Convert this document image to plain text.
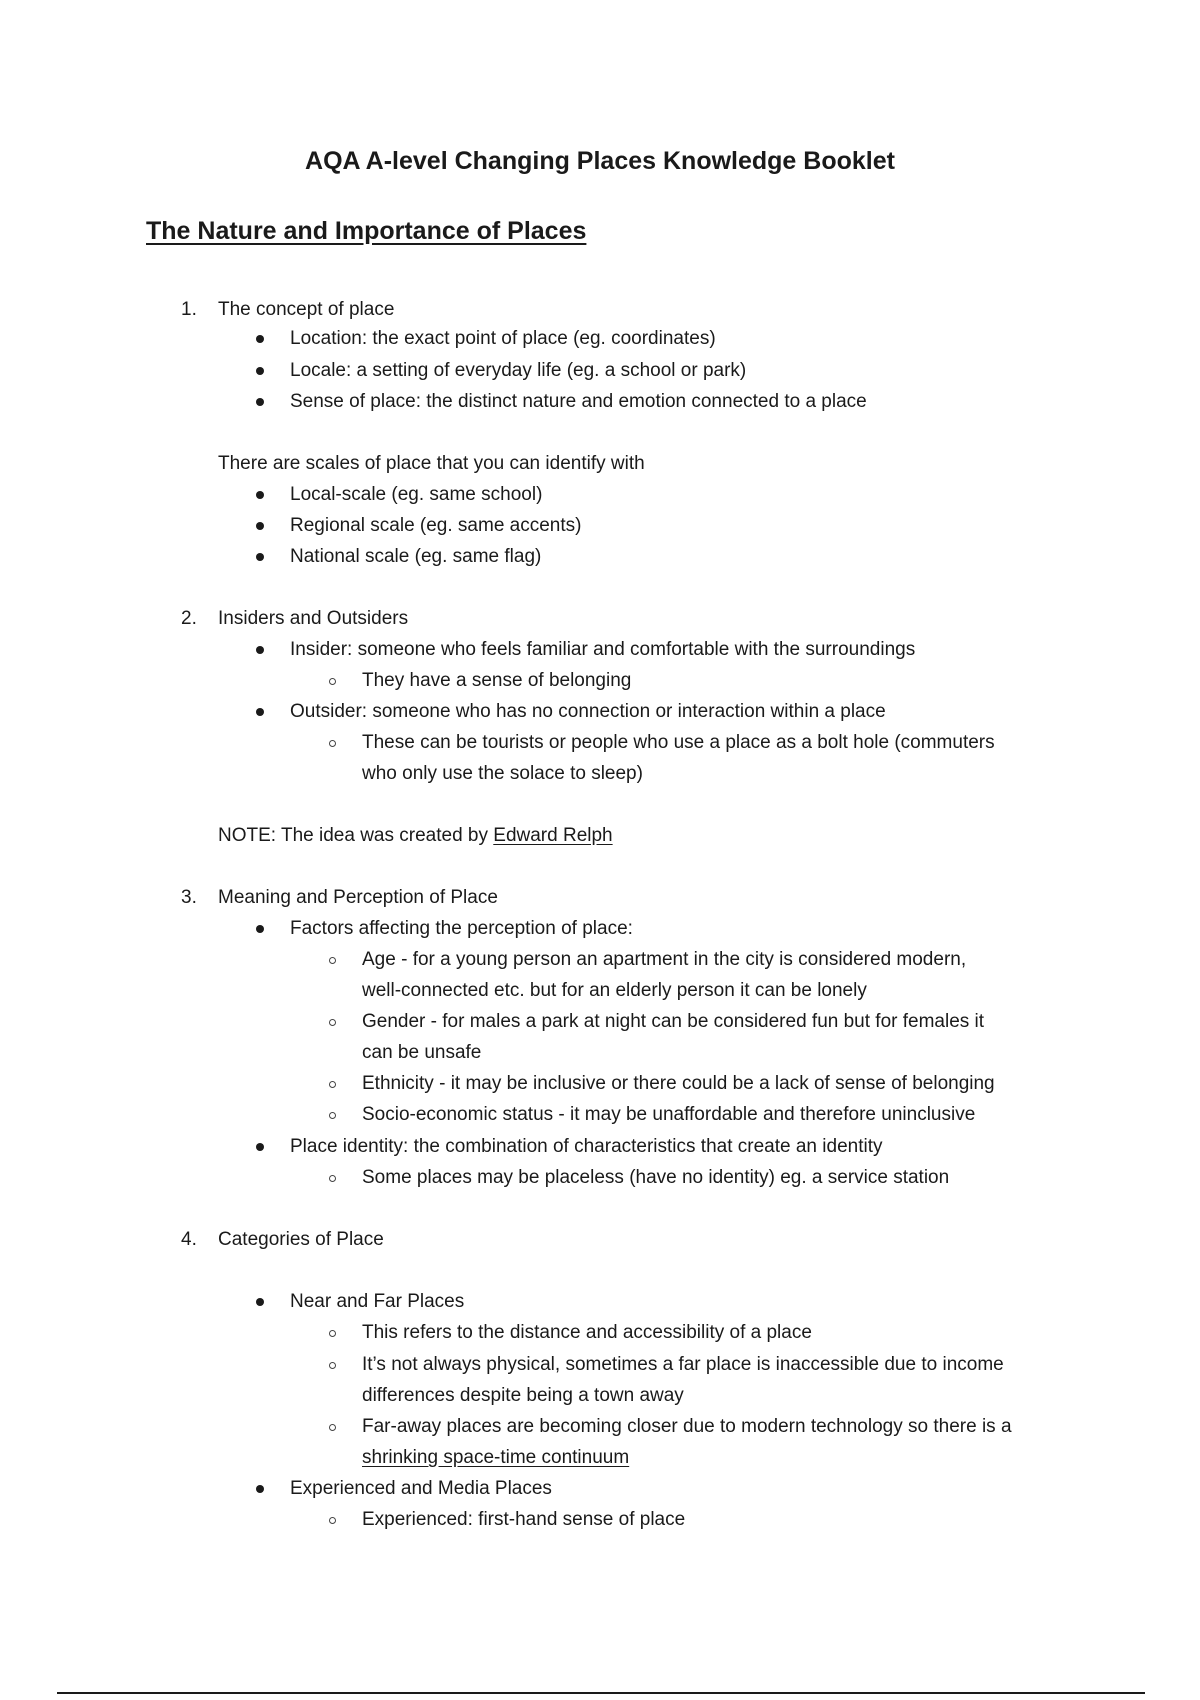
AQA A-level Changing Places Knowledge Booklet
The Nature and Importance of Places
1. The concept of place
Location: the exact point of place (eg. coordinates)
Locale: a setting of everyday life (eg. a school or park)
Sense of place: the distinct nature and emotion connected to a place
There are scales of place that you can identify with
Local-scale (eg. same school)
Regional scale (eg. same accents)
National scale (eg. same flag)
2. Insiders and Outsiders
Insider: someone who feels familiar and comfortable with the surroundings
They have a sense of belonging
Outsider: someone who has no connection or interaction within a place
These can be tourists or people who use a place as a bolt hole (commuters
who only use the solace to sleep)
NOTE: The idea was created by Edward Relph
3. Meaning and Perception of Place
Factors affecting the perception of place:
Age - for a young person an apartment in the city is considered modern,
well-connected etc. but for an elderly person it can be lonely
Gender - for males a park at night can be considered fun but for females it
can be unsafe
Ethnicity - it may be inclusive or there could be a lack of sense of belonging
Socio-economic status - it may be unaffordable and therefore uninclusive
Place identity: the combination of characteristics that create an identity
Some places may be placeless (have no identity) eg. a service station
4. Categories of Place
Near and Far Places
This refers to the distance and accessibility of a place
It’s not always physical, sometimes a far place is inaccessible due to income
differences despite being a town away
Far-away places are becoming closer due to modern technology so there is a
shrinking space-time continuum
Experienced and Media Places
Experienced: first-hand sense of place
